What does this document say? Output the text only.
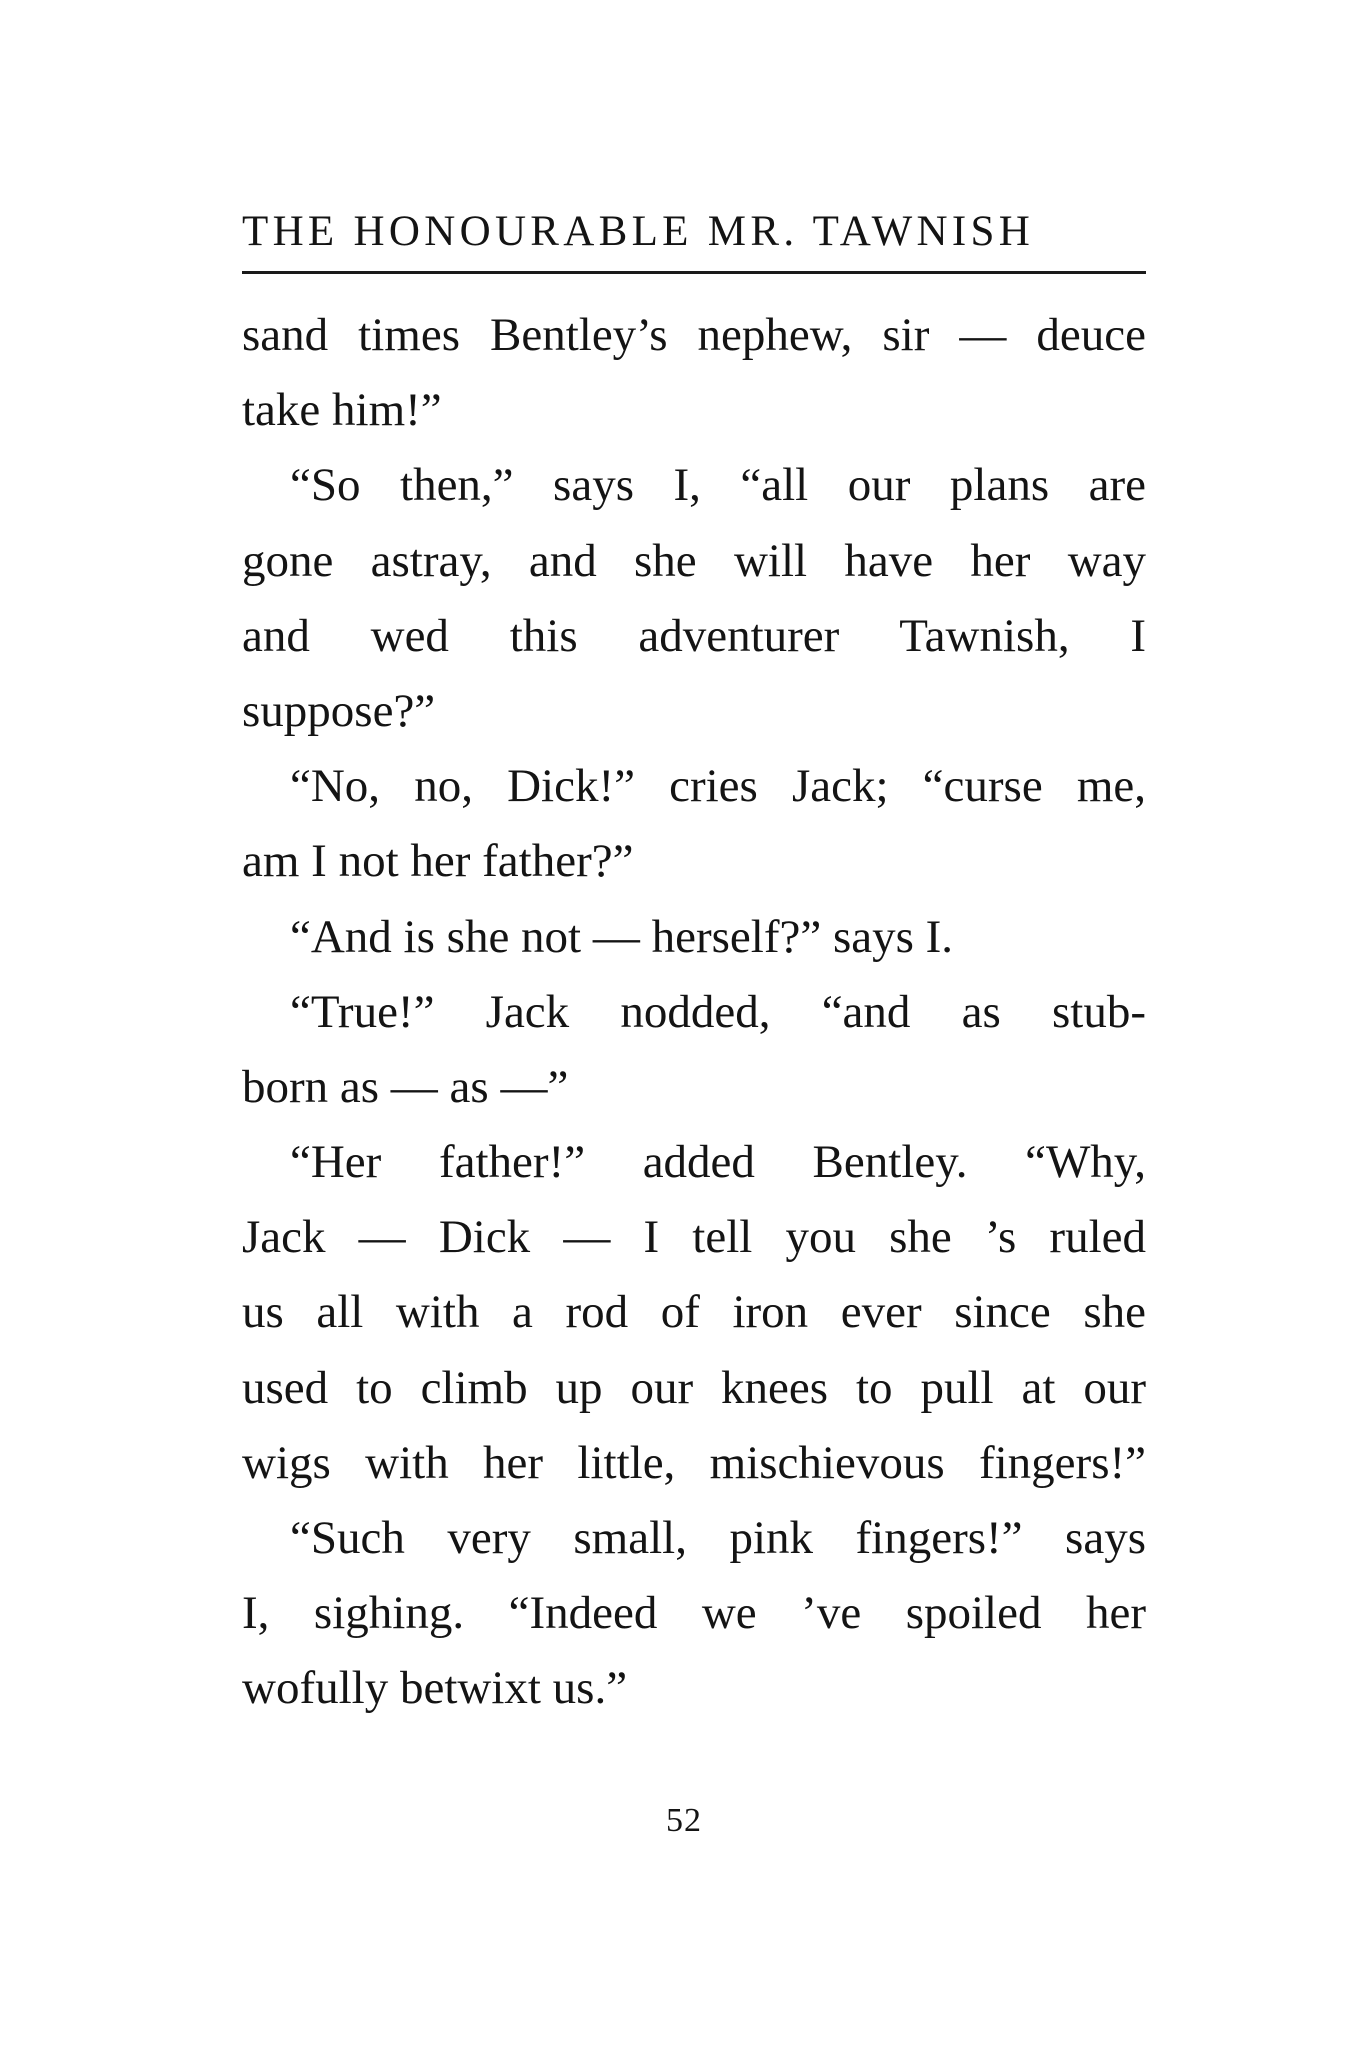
THE HONOURABLE MR. TAWNISH
sand times Bentley’s nephew, sir — deuce
take him!”
“So then,” says I, “all our plans are
gone astray, and she will have her way
and wed this adventurer Tawnish, I
suppose?”
“No, no, Dick!” cries Jack; “curse me,
am I not her father?”
“And is she not — herself?” says I.
“True!” Jack nodded, “and as stub-
born as — as —”
“Her father!” added Bentley. “Why,
Jack — Dick — I tell you she ’s ruled
us all with a rod of iron ever since she
used to climb up our knees to pull at our
wigs with her little, mischievous fingers!”
“Such very small, pink fingers!” says
I, sighing. “Indeed we ’ve spoiled her
wofully betwixt us.”
52
